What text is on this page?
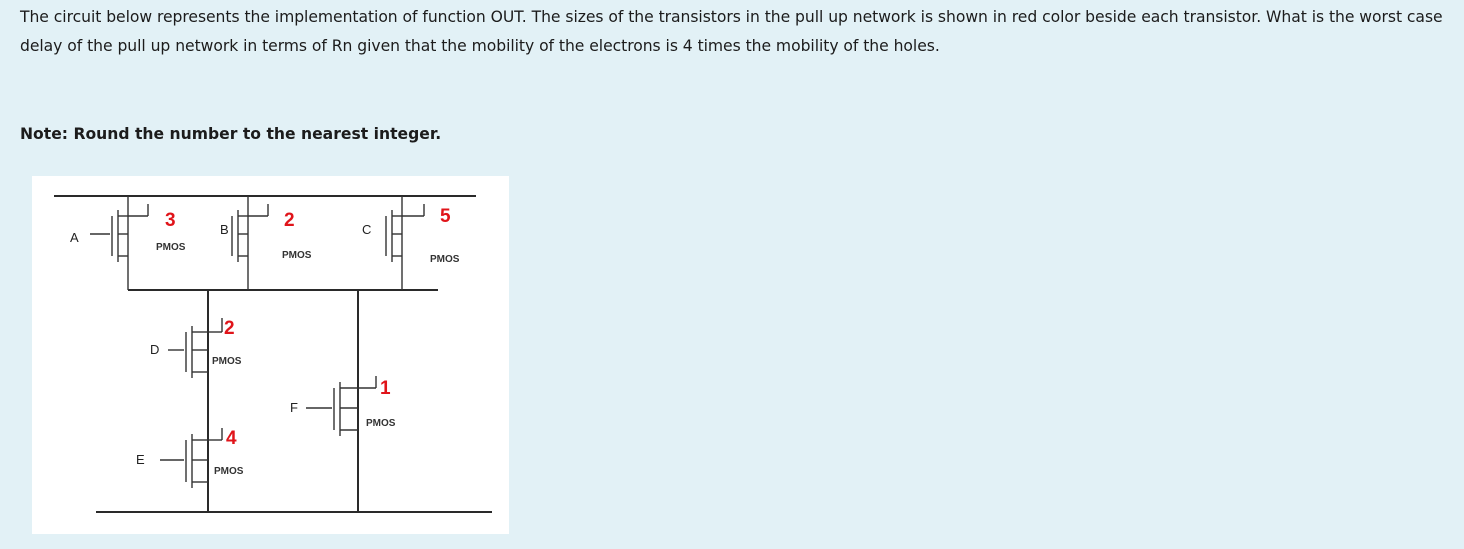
The circuit below represents the implementation of function OUT. The sizes of the transistors in the pull up network is shown in red color beside each transistor. What is the worst case delay of the pull up network in terms of Rn given that the mobility of the electrons is 4 times the mobility of the holes.

Note: Round the number to the nearest integer.

A
3
PMOS
B	2
PMOS
C
5
PMOS
D
2
PMOS
E
4
PMOS
F
1
PMOS
